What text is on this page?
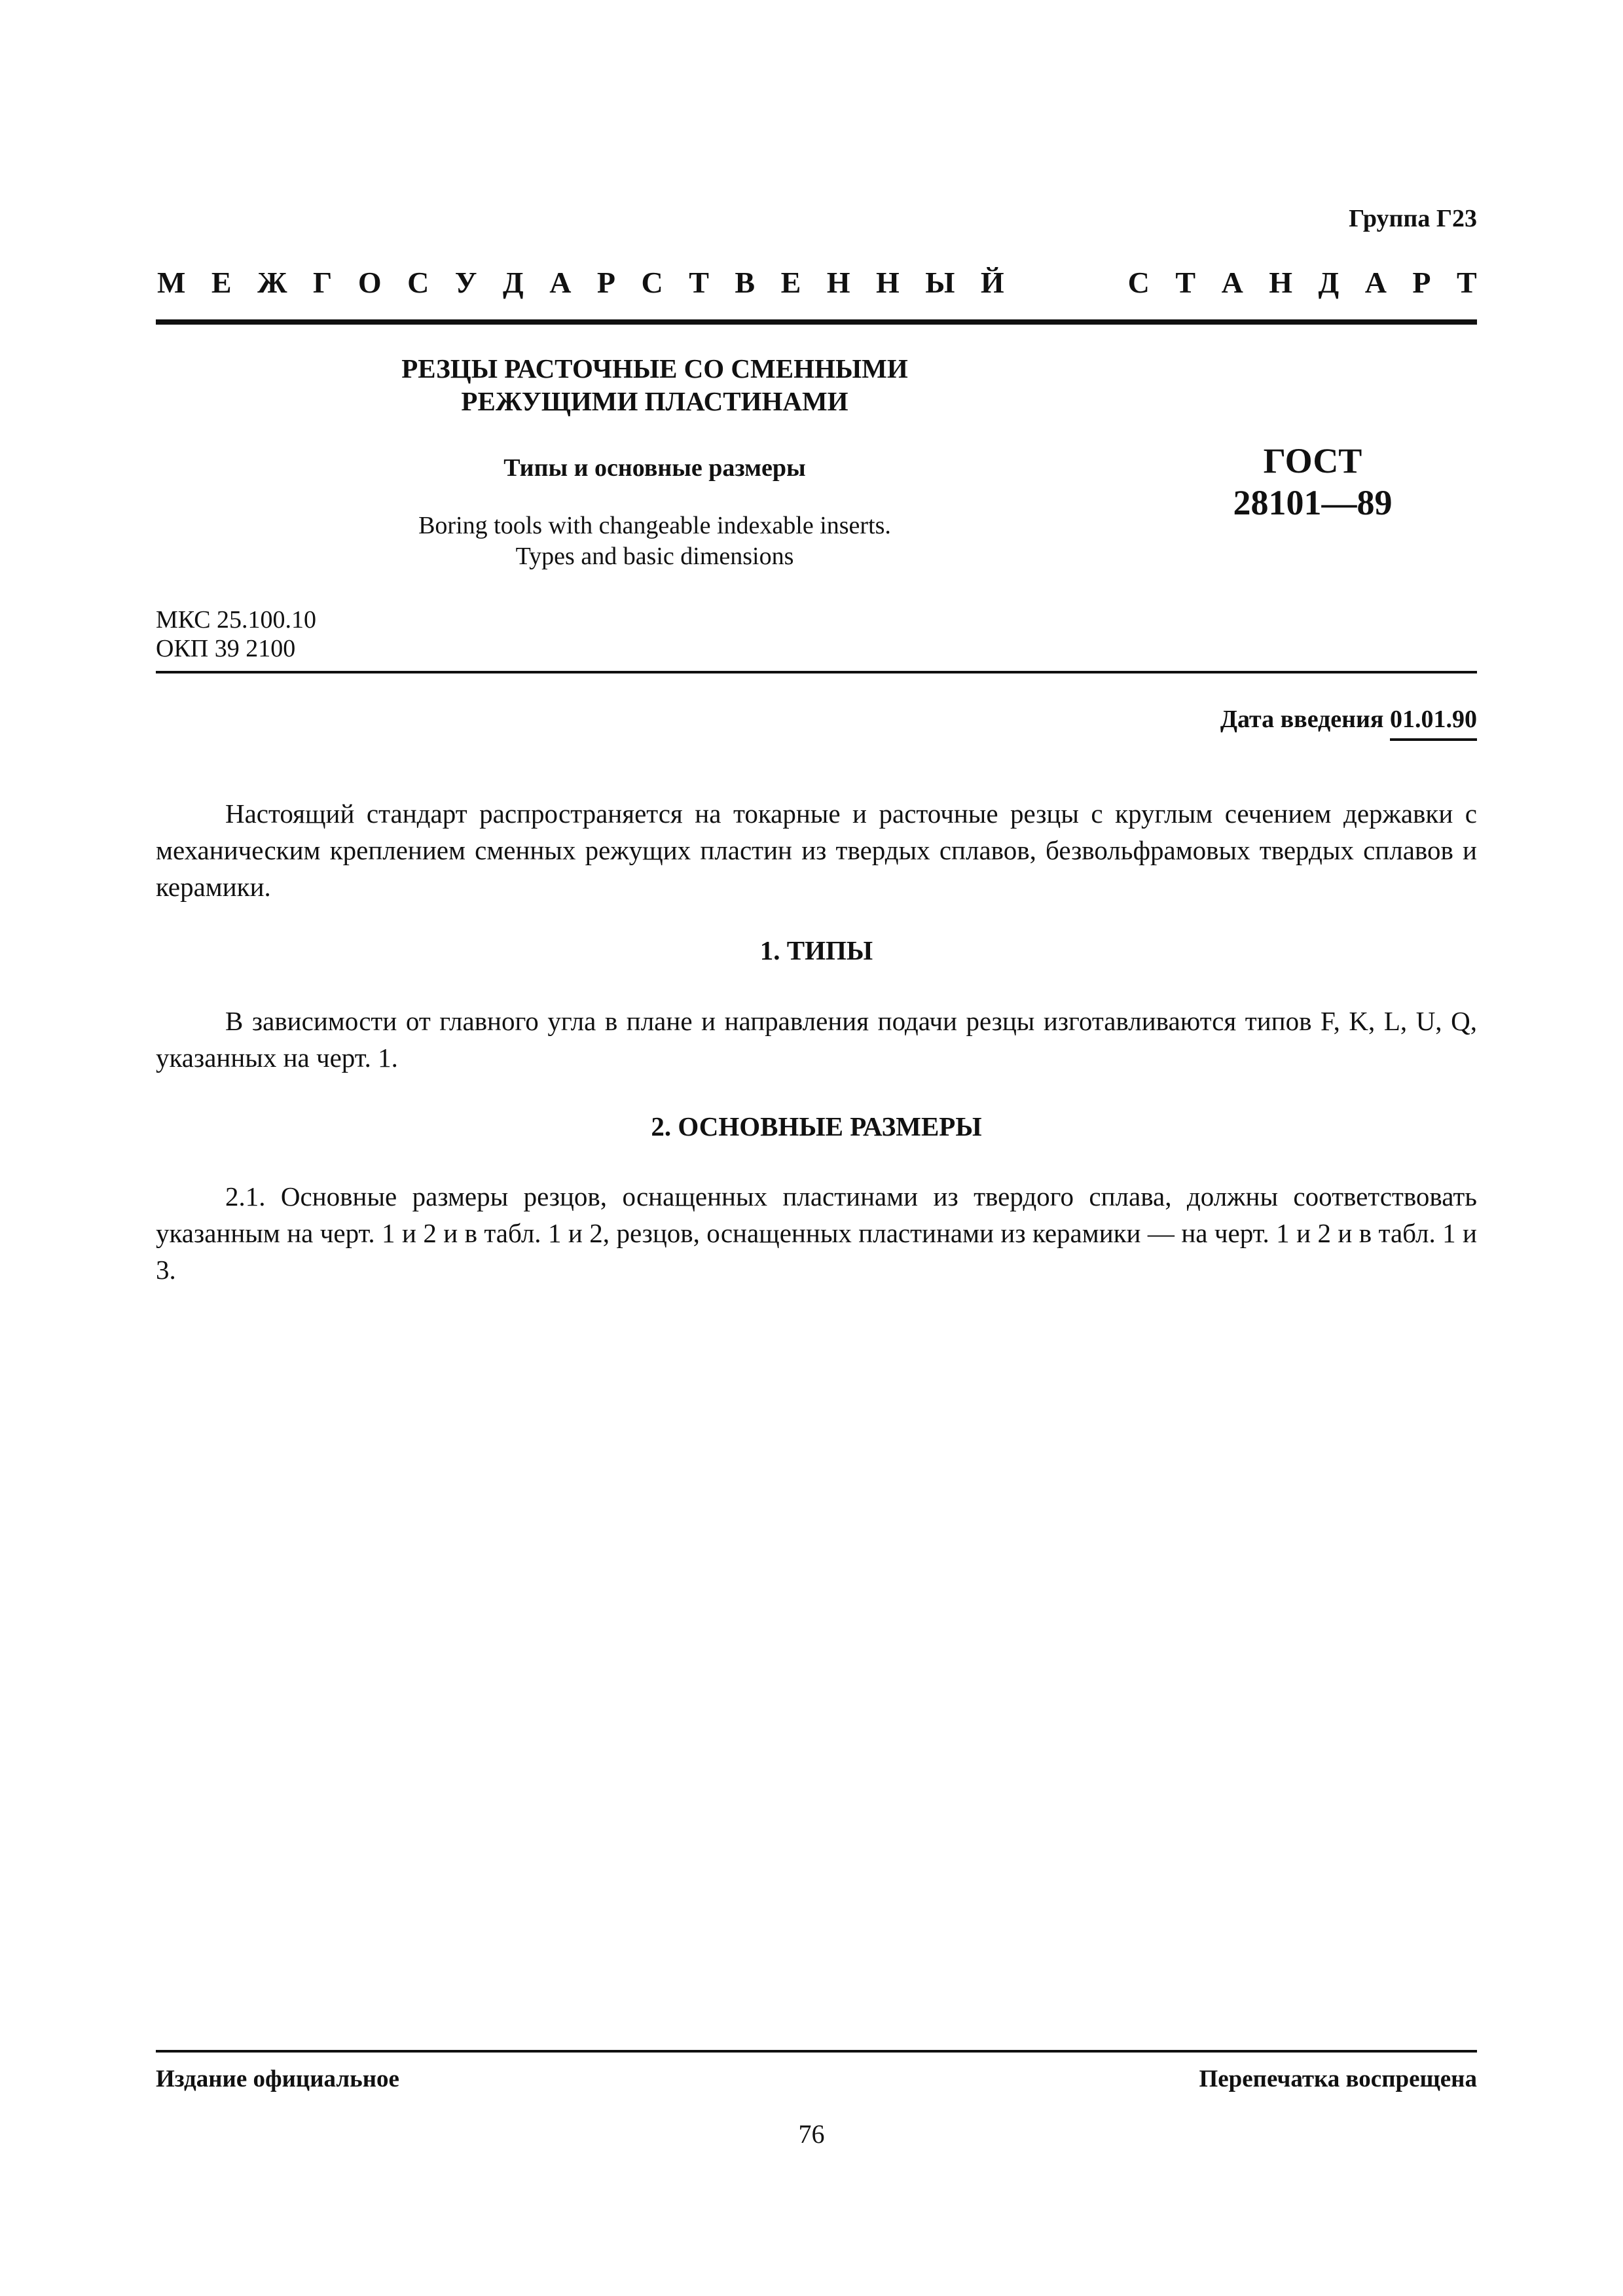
Группа Г23
М Е Ж Г О С У Д А Р С Т В Е Н Н Ы Й	С Т А Н Д А Р Т
РЕЗЦЫ РАСТОЧНЫЕ СО СМЕННЫМИ
РЕЖУЩИМИ ПЛАСТИНАМИ
Типы и основные размеры
Boring tools with changeable indexable inserts.
Types and basic dimensions
ГОСТ
28101—89
МКС 25.100.10
ОКП 39 2100
Дата введения 01.01.90
Настоящий стандарт распространяется на токарные и расточные резцы с круглым сечением державки с механическим креплением сменных режущих пластин из твердых сплавов, безвольфрамовых твердых сплавов и керамики.
1. ТИПЫ
В зависимости от главного угла в плане и направления подачи резцы изготавливаются типов F, K, L, U, Q, указанных на черт. 1.
2. ОСНОВНЫЕ РАЗМЕРЫ
2.1. Основные размеры резцов, оснащенных пластинами из твердого сплава, должны соответствовать указанным на черт. 1 и 2 и в табл. 1 и 2, резцов, оснащенных пластинами из керамики — на черт. 1 и 2 и в табл. 1 и 3.
Издание официальное	Перепечатка воспрещена
76
